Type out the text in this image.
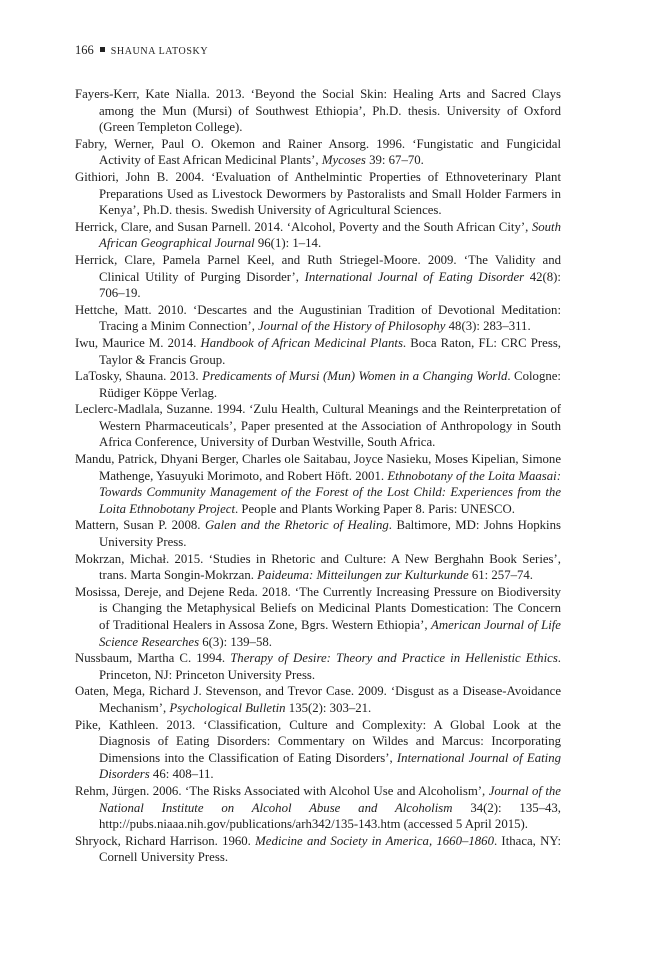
166 SHAUNA LATOSKY
Fayers-Kerr, Kate Nialla. 2013. ‘Beyond the Social Skin: Healing Arts and Sacred Clays among the Mun (Mursi) of Southwest Ethiopia’, Ph.D. thesis. University of Oxford (Green Templeton College).
Fabry, Werner, Paul O. Okemon and Rainer Ansorg. 1996. ‘Fungistatic and Fungicidal Activity of East African Medicinal Plants’, Mycoses 39: 67–70.
Githiori, John B. 2004. ‘Evaluation of Anthelmintic Properties of Ethnoveterinary Plant Preparations Used as Livestock Dewormers by Pastoralists and Small Holder Farmers in Kenya’, Ph.D. thesis. Swedish University of Agricultural Sciences.
Herrick, Clare, and Susan Parnell. 2014. ‘Alcohol, Poverty and the South African City’, South African Geographical Journal 96(1): 1–14.
Herrick, Clare, Pamela Parnel Keel, and Ruth Striegel-Moore. 2009. ‘The Validity and Clinical Utility of Purging Disorder’, International Journal of Eating Disorder 42(8): 706–19.
Hettche, Matt. 2010. ‘Descartes and the Augustinian Tradition of Devotional Meditation: Tracing a Minim Connection’, Journal of the History of Philosophy 48(3): 283–311.
Iwu, Maurice M. 2014. Handbook of African Medicinal Plants. Boca Raton, FL: CRC Press, Taylor & Francis Group.
LaTosky, Shauna. 2013. Predicaments of Mursi (Mun) Women in a Changing World. Cologne: Rüdiger Köppe Verlag.
Leclerc-Madlala, Suzanne. 1994. ‘Zulu Health, Cultural Meanings and the Reinterpretation of Western Pharmaceuticals’, Paper presented at the Association of Anthropology in South Africa Conference, University of Durban Westville, South Africa.
Mandu, Patrick, Dhyani Berger, Charles ole Saitabau, Joyce Nasieku, Moses Kipelian, Simone Mathenge, Yasuyuki Morimoto, and Robert Höft. 2001. Ethnobotany of the Loita Maasai: Towards Community Management of the Forest of the Lost Child: Experiences from the Loita Ethnobotany Project. People and Plants Working Paper 8. Paris: UNESCO.
Mattern, Susan P. 2008. Galen and the Rhetoric of Healing. Baltimore, MD: Johns Hopkins University Press.
Mokrzan, Michał. 2015. ‘Studies in Rhetoric and Culture: A New Berghahn Book Series’, trans. Marta Songin-Mokrzan. Paideuma: Mitteilungen zur Kulturkunde 61: 257–74.
Mosissa, Dereje, and Dejene Reda. 2018. ‘The Currently Increasing Pressure on Biodiversity is Changing the Metaphysical Beliefs on Medicinal Plants Domestication: The Concern of Traditional Healers in Assosa Zone, Bgrs. Western Ethiopia’, American Journal of Life Science Researches 6(3): 139–58.
Nussbaum, Martha C. 1994. Therapy of Desire: Theory and Practice in Hellenistic Ethics. Princeton, NJ: Princeton University Press.
Oaten, Mega, Richard J. Stevenson, and Trevor Case. 2009. ‘Disgust as a Disease-Avoidance Mechanism’, Psychological Bulletin 135(2): 303–21.
Pike, Kathleen. 2013. ‘Classification, Culture and Complexity: A Global Look at the Diagnosis of Eating Disorders: Commentary on Wildes and Marcus: Incorporating Dimensions into the Classification of Eating Disorders’, International Journal of Eating Disorders 46: 408–11.
Rehm, Jürgen. 2006. ‘The Risks Associated with Alcohol Use and Alcoholism’, Journal of the National Institute on Alcohol Abuse and Alcoholism 34(2): 135–43, http://pubs.niaaa.nih.gov/publications/arh342/135-143.htm (accessed 5 April 2015).
Shryock, Richard Harrison. 1960. Medicine and Society in America, 1660–1860. Ithaca, NY: Cornell University Press.
